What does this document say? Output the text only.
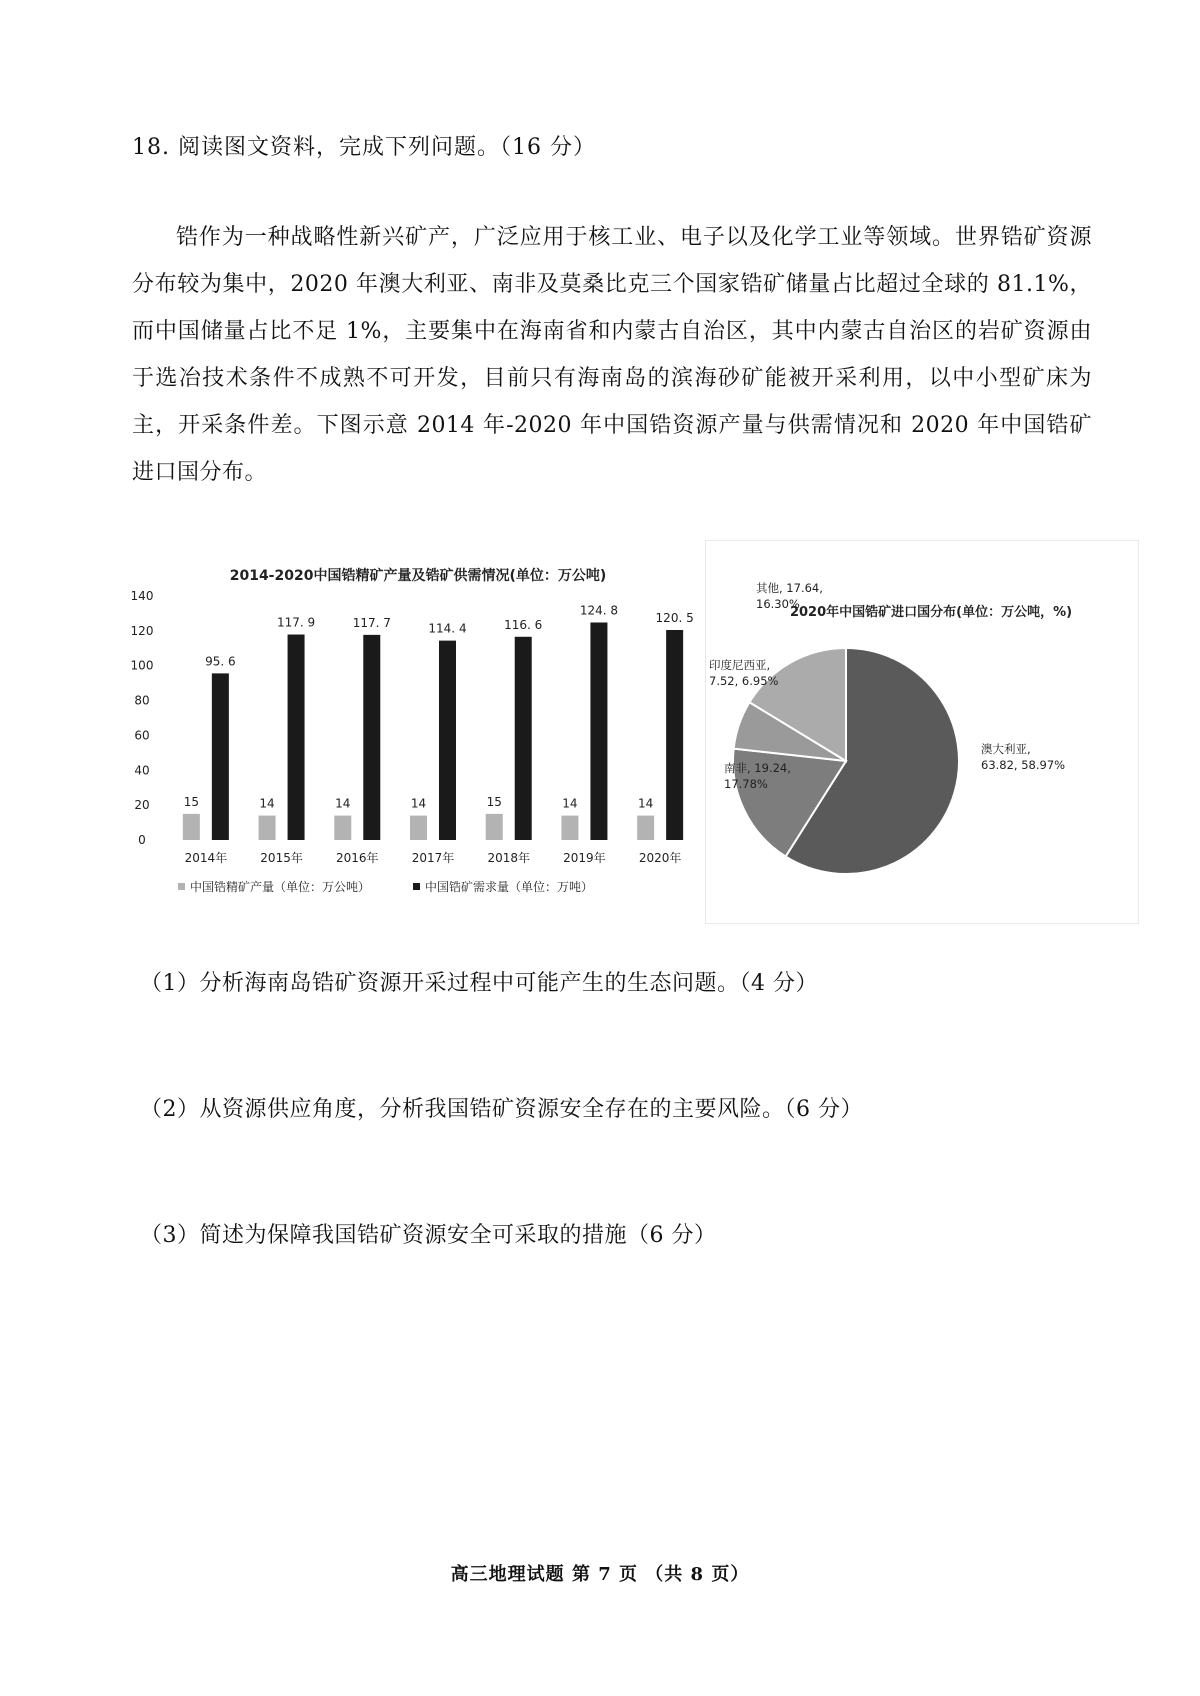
18. 阅读图文资料，完成下列问题。（16 分）
锆作为一种战略性新兴矿产，广泛应用于核工业、电子以及化学工业等领域。世界锆矿资源分布较为集中，2020 年澳大利亚、南非及莫桑比克三个国家锆矿储量占比超过全球的 81.1%，而中国储量占比不足 1%，主要集中在海南省和内蒙古自治区，其中内蒙古自治区的岩矿资源由于选冶技术条件不成熟不可开发，目前只有海南岛的滨海砂矿能被开采利用，以中小型矿床为主，开采条件差。下图示意 2014 年-2020 年中国锆资源产量与供需情况和 2020 年中国锆矿进口国分布。
2014-2020中国锆精矿产量及锆矿供需情况(单位：万公吨)
0
20
40
60
80
100
120
140
15
95. 6
14
117. 9
14
117. 7
14
114. 4
15
116. 6
14
124. 8
14
120. 5
2014年	2015年	2016年	2017年	2018年	2019年	2020年
中国锆精矿产量（单位：万公吨）	中国锆矿需求量（单位：万吨）
2020年中国锆矿进口国分布(单位：万公吨，%)
澳大利亚,
63.82, 58.97%
南非, 19.24,
17.78%
印度尼西亚,
7.52, 6.95%
其他, 17.64,
16.30%
（1）分析海南岛锆矿资源开采过程中可能产生的生态问题。（4 分）
（2）从资源供应角度，分析我国锆矿资源安全存在的主要风险。（6 分）
（3）简述为保障我国锆矿资源安全可采取的措施（6 分）
高三地理试题 第 7 页 （共 8 页）
